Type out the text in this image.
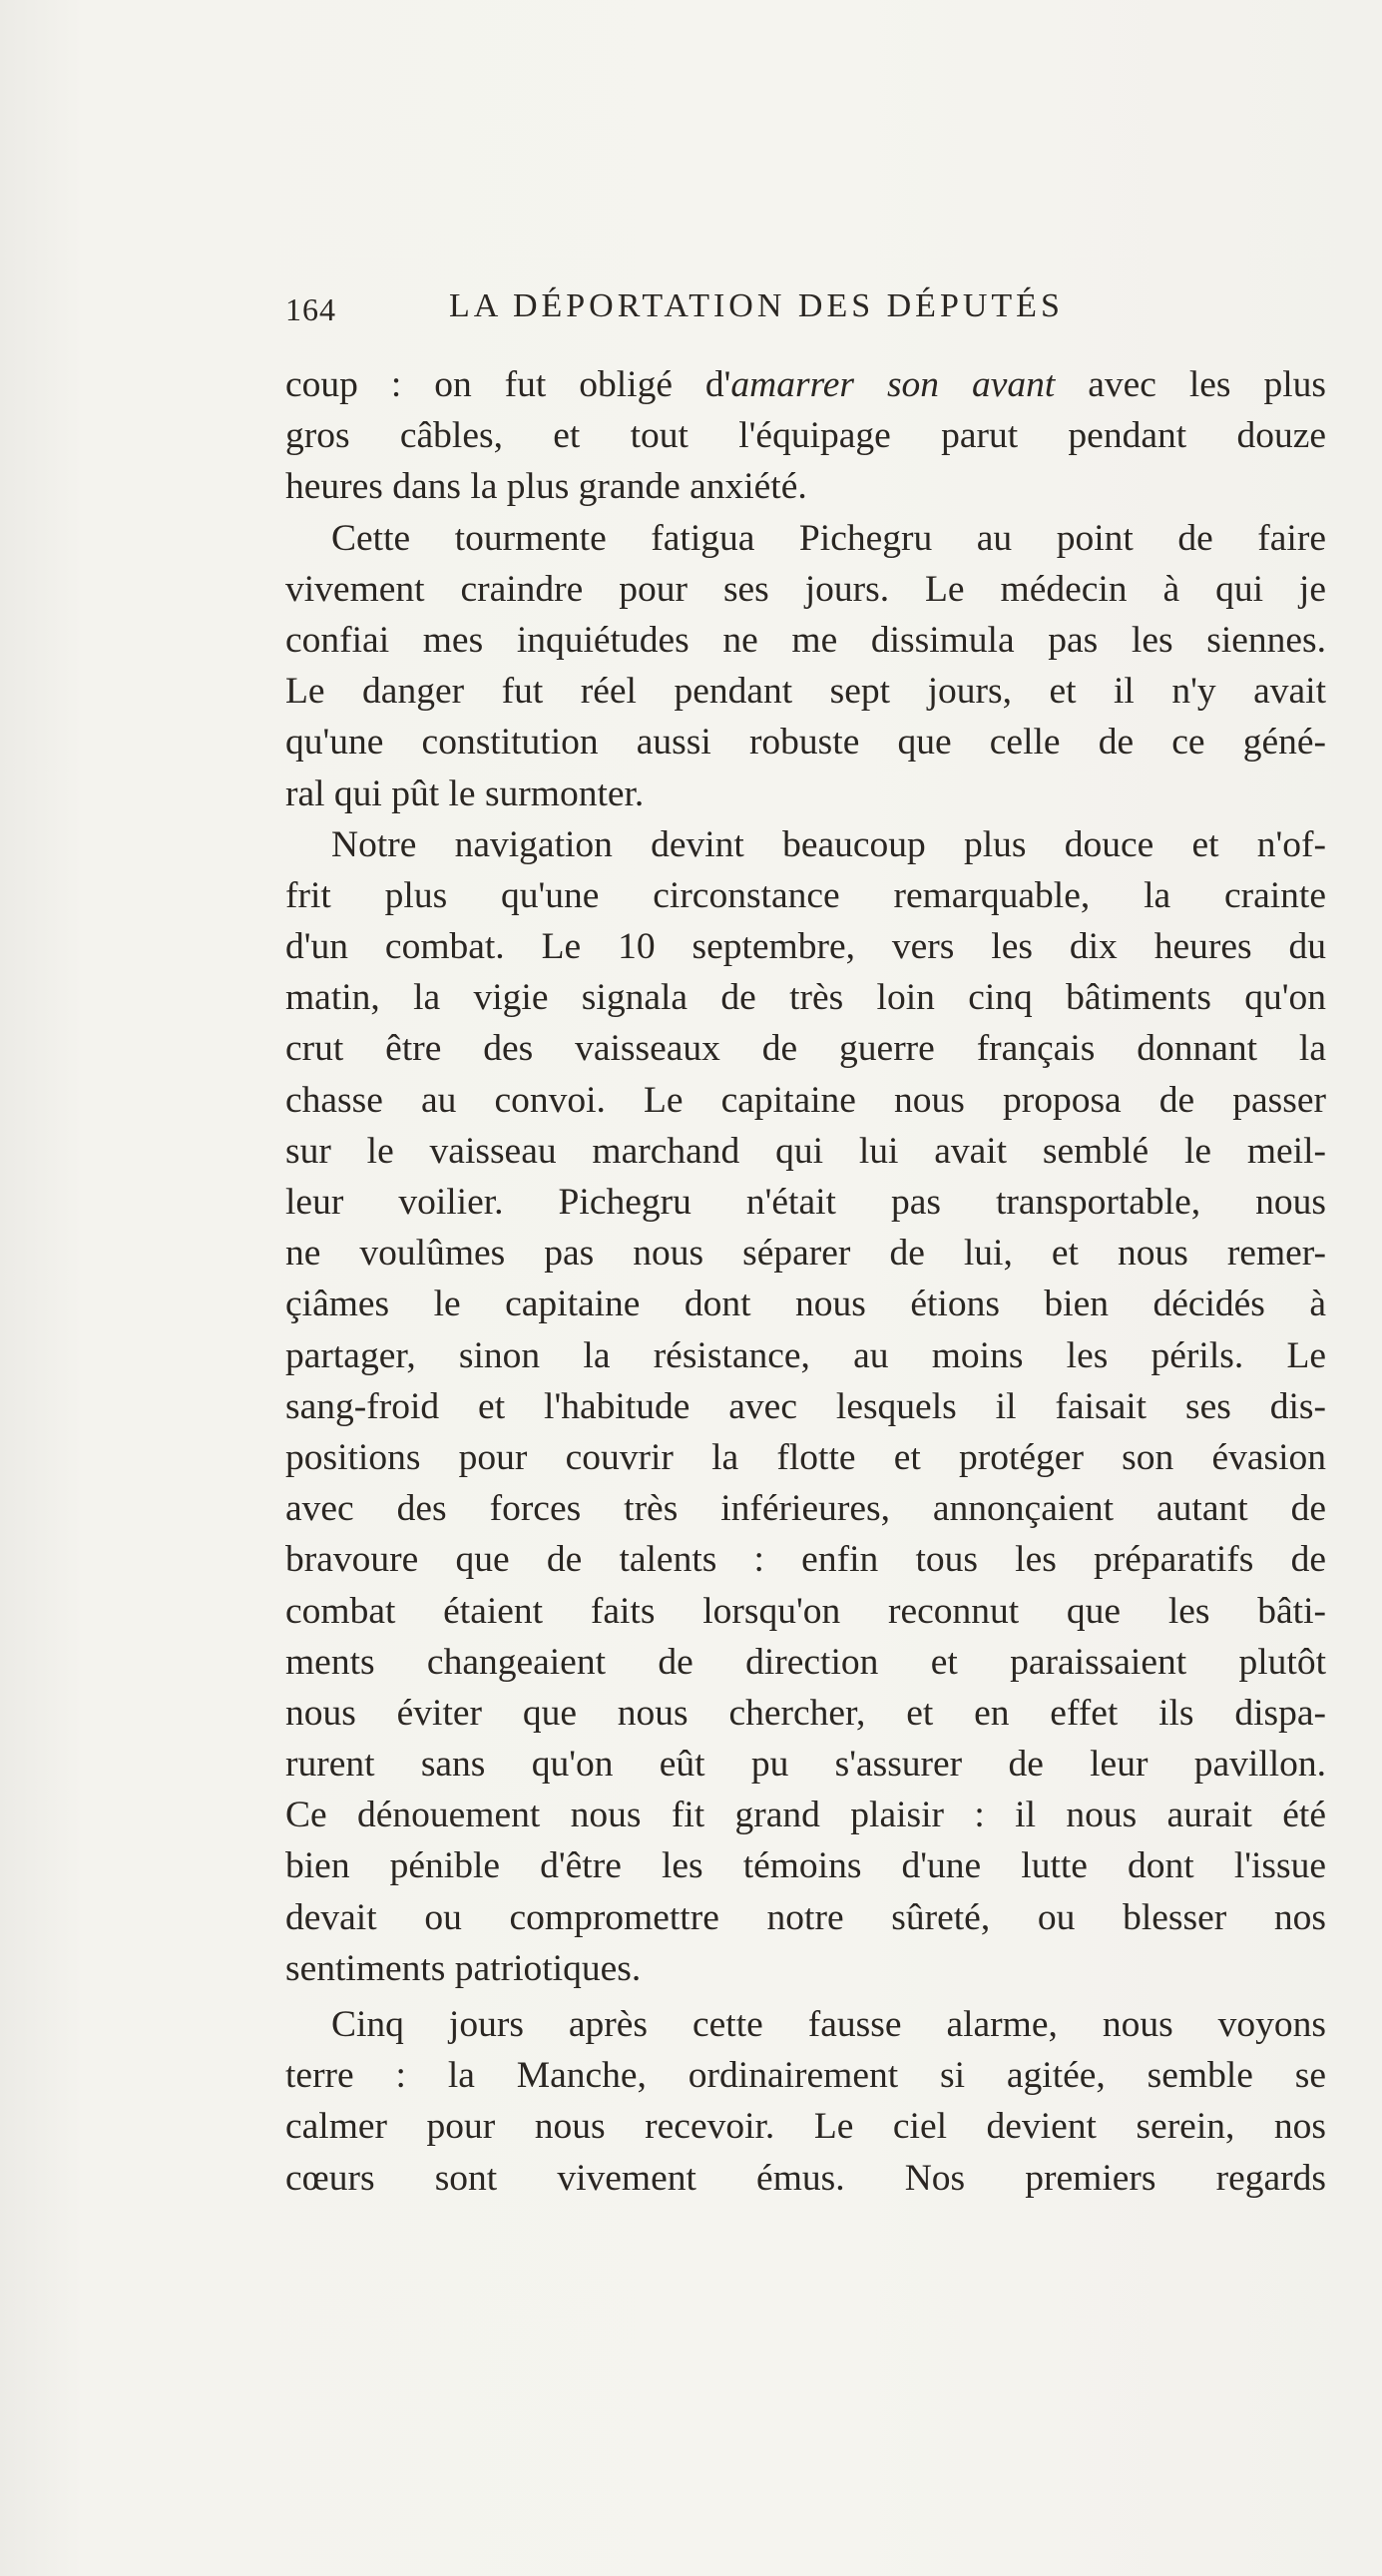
164	LA DÉPORTATION DES DÉPUTÉS
coup : on fut obligé d'amarrer son avant avec les plus
gros câbles, et tout l'équipage parut pendant douze
heures dans la plus grande anxiété.
Cette tourmente fatigua Pichegru au point de faire
vivement craindre pour ses jours. Le médecin à qui je
confiai mes inquiétudes ne me dissimula pas les siennes.
Le danger fut réel pendant sept jours, et il n'y avait
qu'une constitution aussi robuste que celle de ce géné-
ral qui pût le surmonter.
Notre navigation devint beaucoup plus douce et n'of-
frit plus qu'une circonstance remarquable, la crainte
d'un combat. Le 10 septembre, vers les dix heures du
matin, la vigie signala de très loin cinq bâtiments qu'on
crut être des vaisseaux de guerre français donnant la
chasse au convoi. Le capitaine nous proposa de passer
sur le vaisseau marchand qui lui avait semblé le meil-
leur voilier. Pichegru n'était pas transportable, nous
ne voulûmes pas nous séparer de lui, et nous remer-
çiâmes le capitaine dont nous étions bien décidés à
partager, sinon la résistance, au moins les périls. Le
sang-froid et l'habitude avec lesquels il faisait ses dis-
positions pour couvrir la flotte et protéger son évasion
avec des forces très inférieures, annonçaient autant de
bravoure que de talents : enfin tous les préparatifs de
combat étaient faits lorsqu'on reconnut que les bâti-
ments changeaient de direction et paraissaient plutôt
nous éviter que nous chercher, et en effet ils dispa-
rurent sans qu'on eût pu s'assurer de leur pavillon.
Ce dénouement nous fit grand plaisir : il nous aurait été
bien pénible d'être les témoins d'une lutte dont l'issue
devait ou compromettre notre sûreté, ou blesser nos
sentiments patriotiques.
Cinq jours après cette fausse alarme, nous voyons
terre : la Manche, ordinairement si agitée, semble se
calmer pour nous recevoir. Le ciel devient serein, nos
cœurs sont vivement émus. Nos premiers regards
